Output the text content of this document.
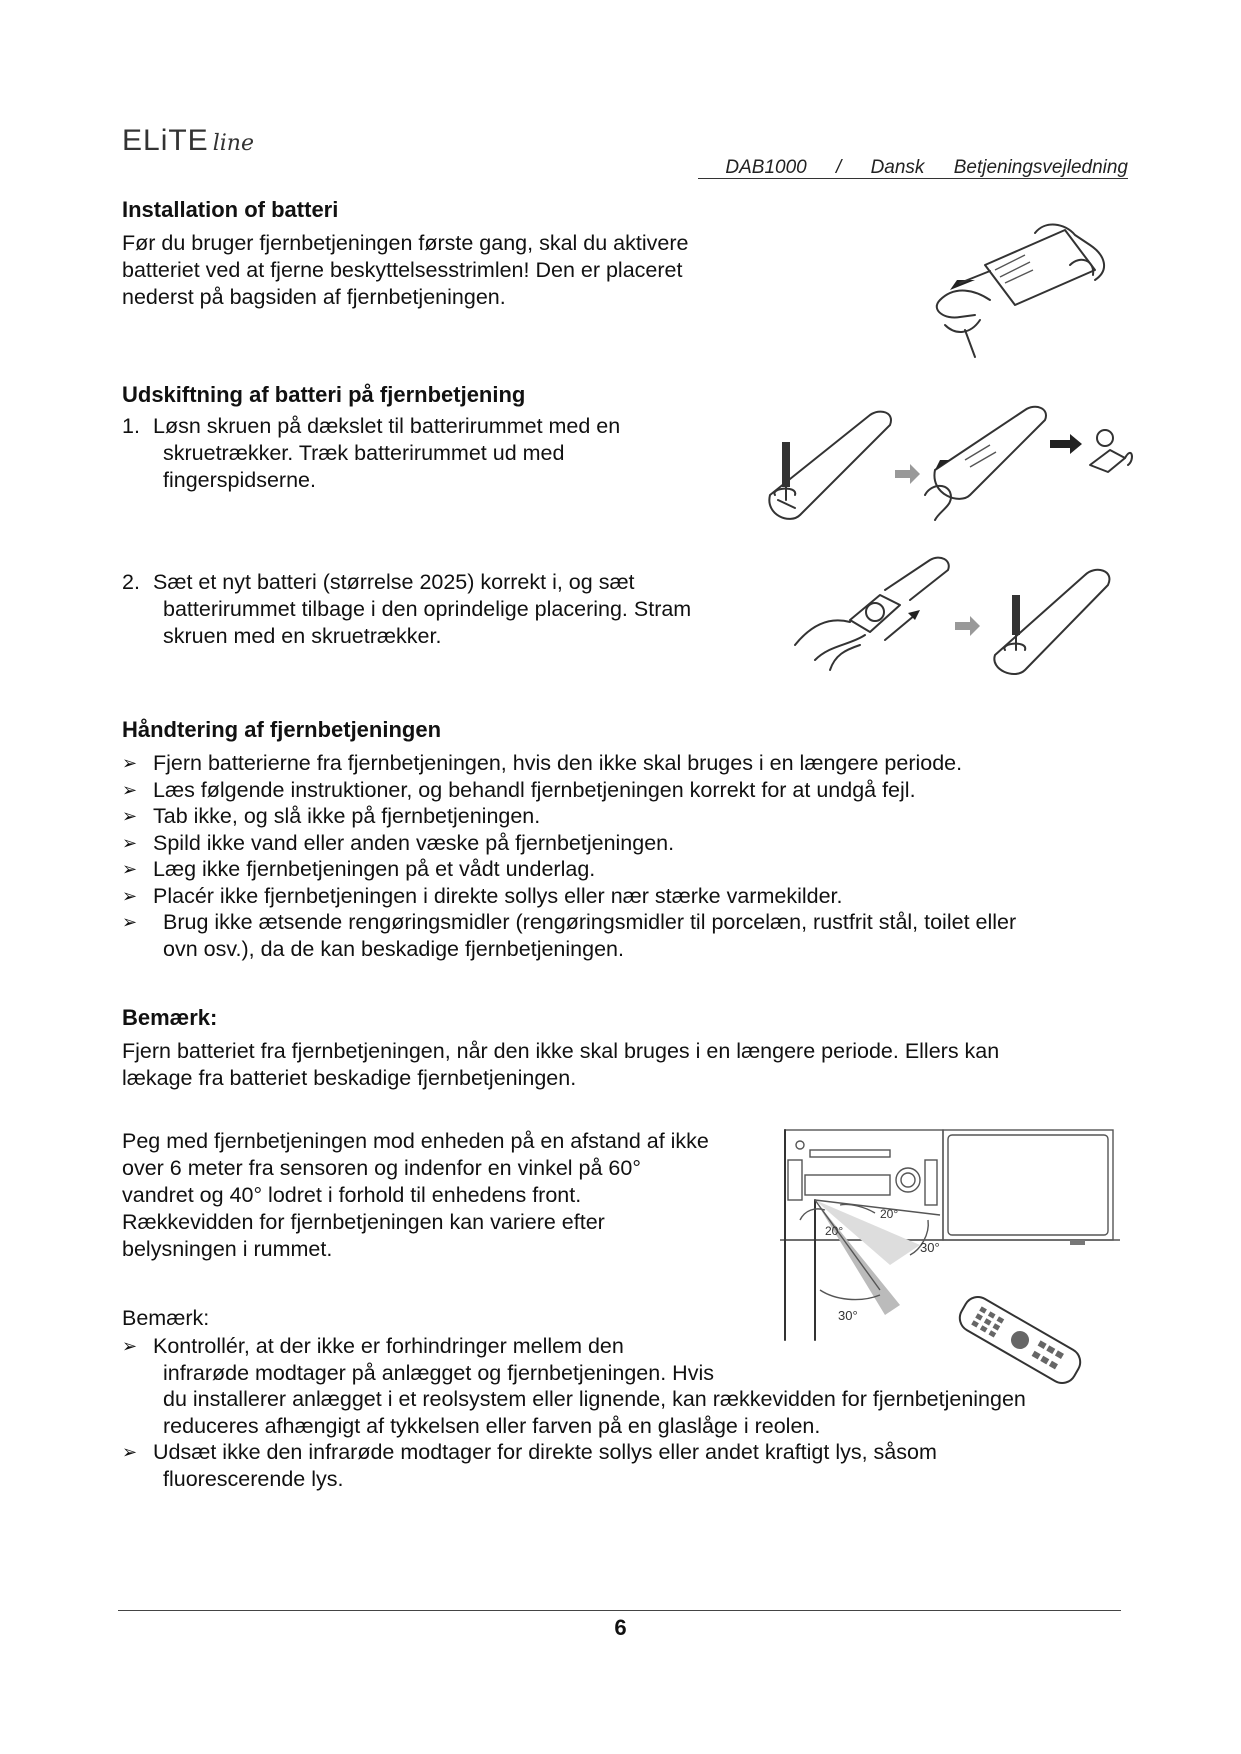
ELiTE line
DAB1000 / Dansk Betjeningsvejledning
Installation of batteri

Før du bruger fjernbetjeningen første gang, skal du aktivere
batteriet ved at fjerne beskyttelsesstrimlen! Den er placeret
nederst på bagsiden af fjernbetjeningen.

Udskiftning af batteri på fjernbetjening
1. Løsn skruen på dækslet til batterirummet med en
skruetrækker. Træk batterirummet ud med
fingerspidserne.
2. Sæt et nyt batteri (størrelse 2025) korrekt i, og sæt
batterirummet tilbage i den oprindelige placering. Stram
skruen med en skruetrækker.
Håndtering af fjernbetjeningen
➢ Fjern batterierne fra fjernbetjeningen, hvis den ikke skal bruges i en længere periode.
➢ Læs følgende instruktioner, og behandl fjernbetjeningen korrekt for at undgå fejl.
➢ Tab ikke, og slå ikke på fjernbetjeningen.
➢ Spild ikke vand eller anden væske på fjernbetjeningen.
➢ Læg ikke fjernbetjeningen på et vådt underlag.
➢ Placér ikke fjernbetjeningen i direkte sollys eller nær stærke varmekilder.
➢ Brug ikke ætsende rengøringsmidler (rengøringsmidler til porcelæn, rustfrit stål, toilet eller
ovn osv.), da de kan beskadige fjernbetjeningen.
Bemærk:

Fjern batteriet fra fjernbetjeningen, når den ikke skal bruges i en længere periode. Ellers kan
lækage fra batteriet beskadige fjernbetjeningen.

Peg med fjernbetjeningen mod enheden på en afstand af ikke
over 6 meter fra sensoren og indenfor en vinkel på 60°
vandret og 40° lodret i forhold til enhedens front.
Rækkevidden for fjernbetjeningen kan variere efter
belysningen i rummet.

20°
20°
30°
30°

Bemærk:

➢ Kontrollér, at der ikke er forhindringer mellem den
infrarøde modtager på anlægget og fjernbetjeningen. Hvis
du installerer anlægget i et reolsystem eller lignende, kan rækkevidden for fjernbetjeningen
reduceres afhængigt af tykkelsen eller farven på en glaslåge i reolen.
➢ Udsæt ikke den infrarøde modtager for direkte sollys eller andet kraftigt lys, såsom
fluorescerende lys.
6
